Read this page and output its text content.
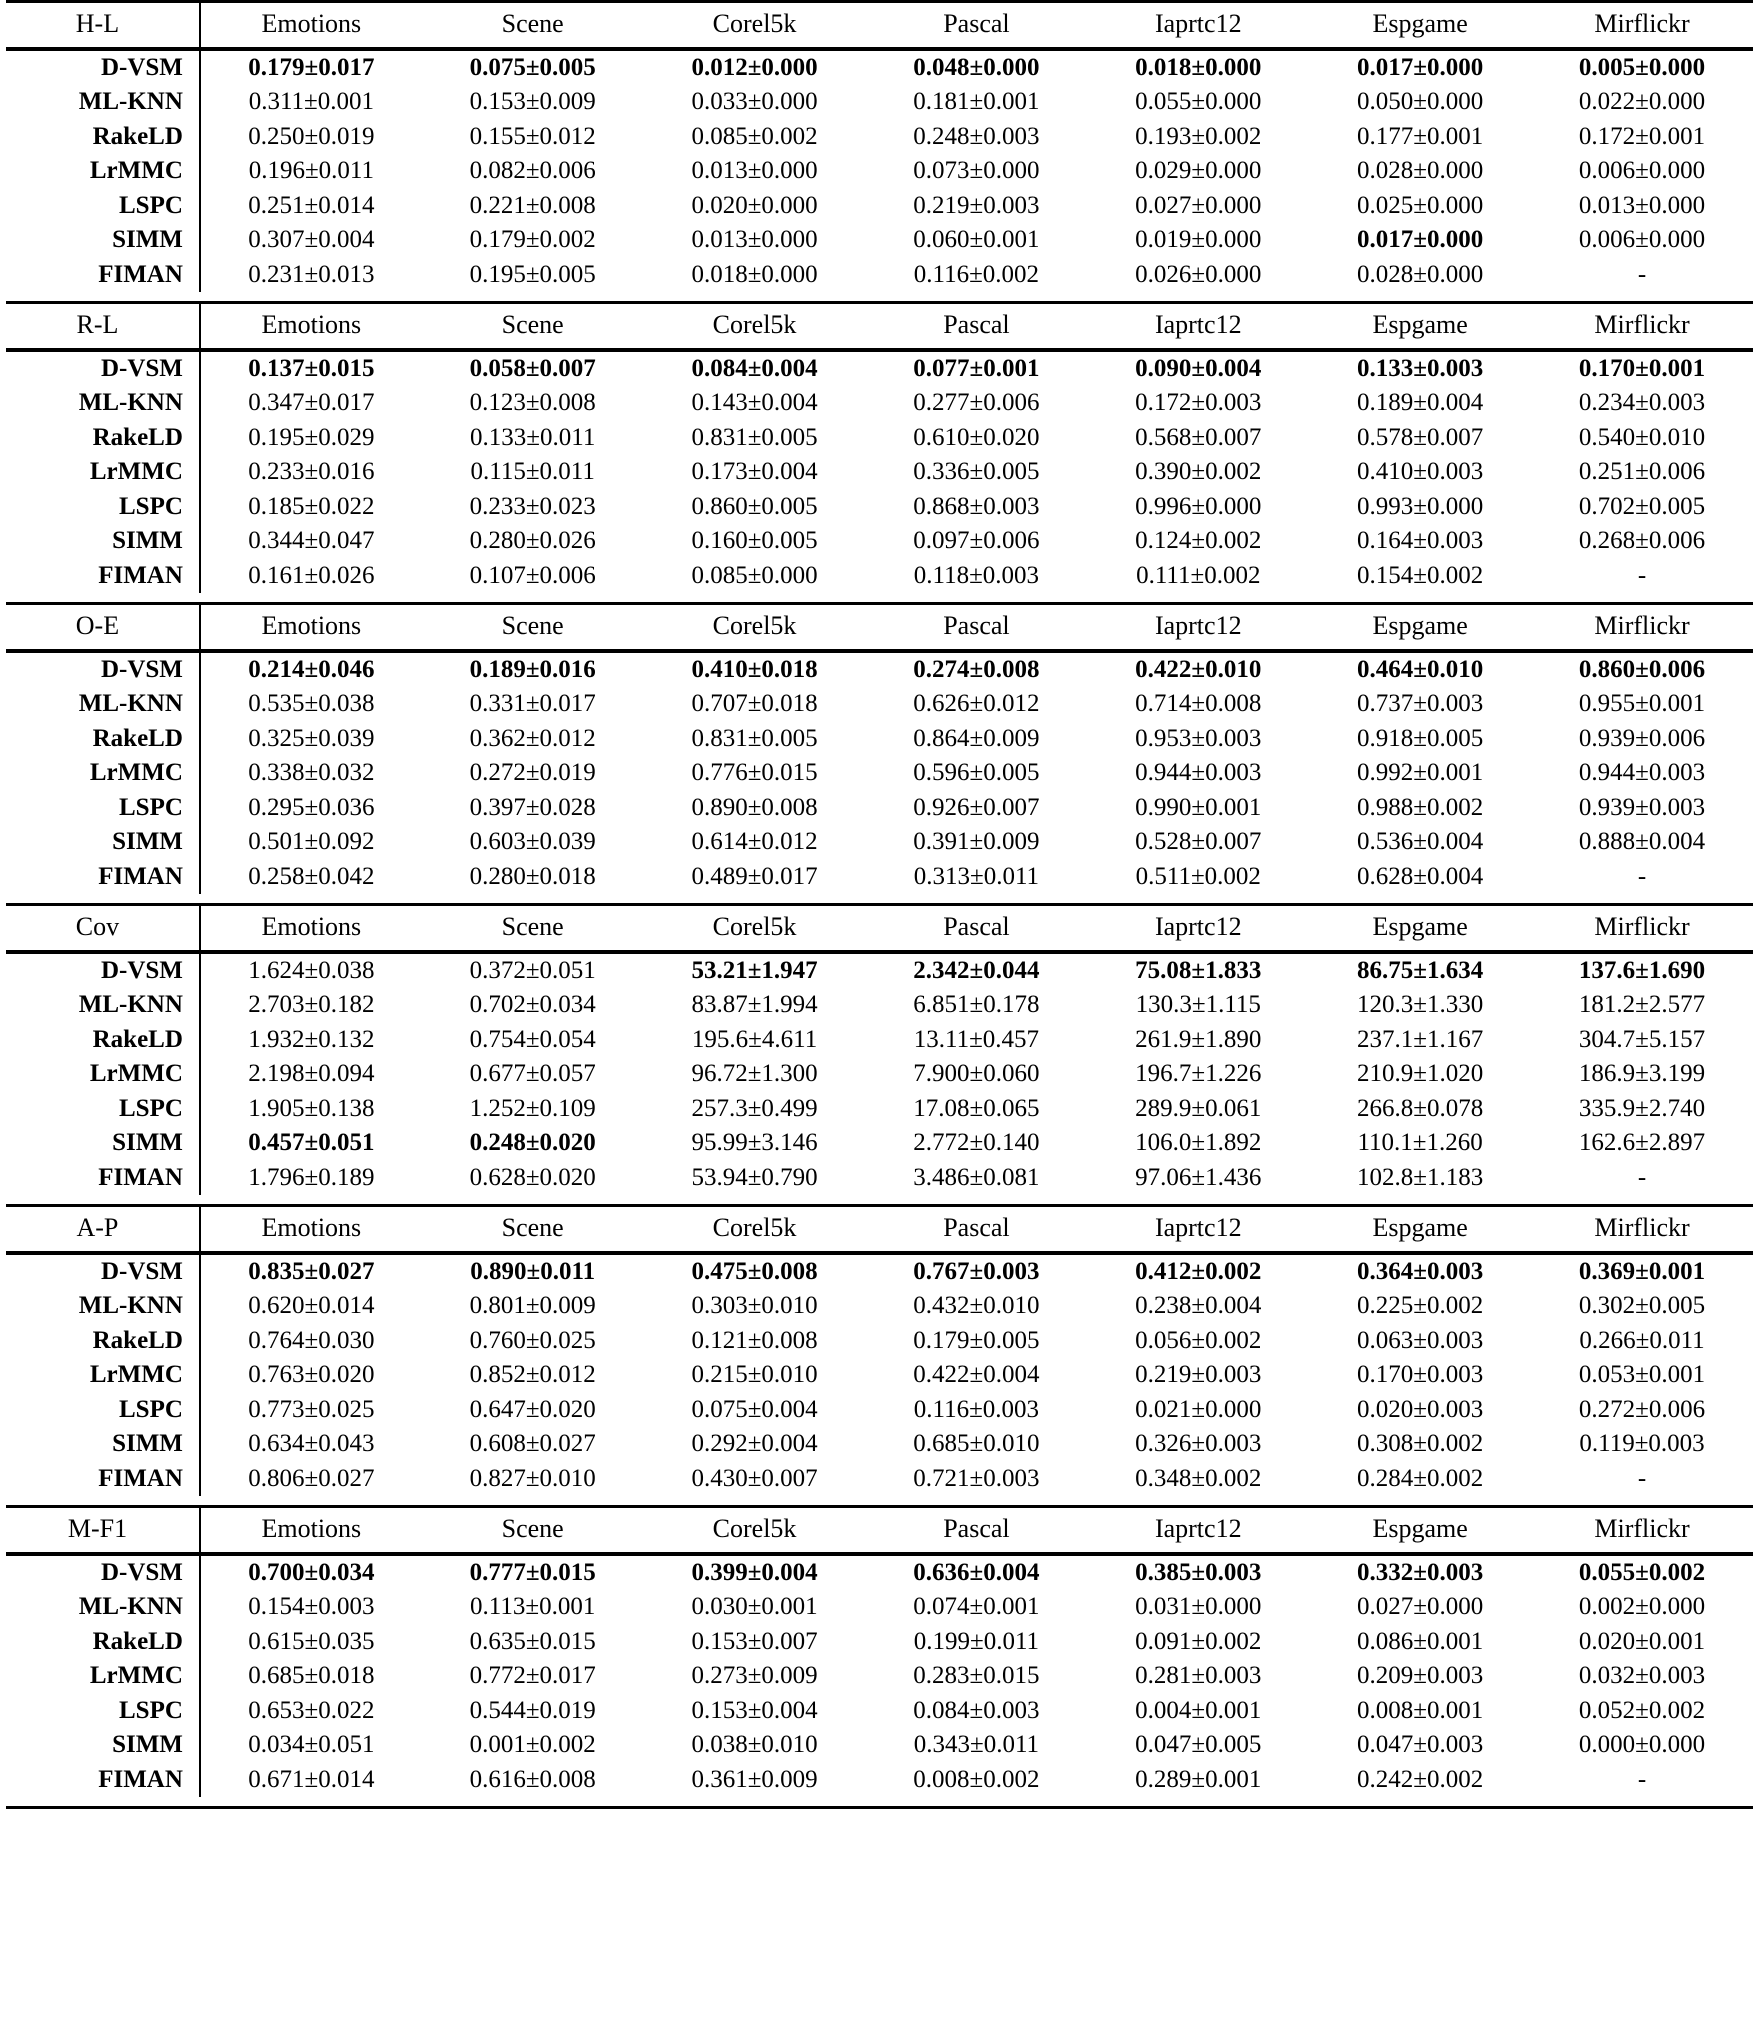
H-L	Emotions	Scene	Corel5k	Pascal	Iaprtc12	Espgame	Mirflickr

D-VSM	0.179±0.017	0.075±0.005	0.012±0.000	0.048±0.000	0.018±0.000	0.017±0.000	0.005±0.000
ML-KNN	0.311±0.001	0.153±0.009	0.033±0.000	0.181±0.001	0.055±0.000	0.050±0.000	0.022±0.000
RakeLD	0.250±0.019	0.155±0.012	0.085±0.002	0.248±0.003	0.193±0.002	0.177±0.001	0.172±0.001
LrMMC	0.196±0.011	0.082±0.006	0.013±0.000	0.073±0.000	0.029±0.000	0.028±0.000	0.006±0.000
LSPC	0.251±0.014	0.221±0.008	0.020±0.000	0.219±0.003	0.027±0.000	0.025±0.000	0.013±0.000
SIMM	0.307±0.004	0.179±0.002	0.013±0.000	0.060±0.001	0.019±0.000	0.017±0.000	0.006±0.000
FIMAN	0.231±0.013	0.195±0.005	0.018±0.000	0.116±0.002	0.026±0.000	0.028±0.000	-

R-L	Emotions	Scene	Corel5k	Pascal	Iaprtc12	Espgame	Mirflickr

D-VSM	0.137±0.015	0.058±0.007	0.084±0.004	0.077±0.001	0.090±0.004	0.133±0.003	0.170±0.001
ML-KNN	0.347±0.017	0.123±0.008	0.143±0.004	0.277±0.006	0.172±0.003	0.189±0.004	0.234±0.003
RakeLD	0.195±0.029	0.133±0.011	0.831±0.005	0.610±0.020	0.568±0.007	0.578±0.007	0.540±0.010
LrMMC	0.233±0.016	0.115±0.011	0.173±0.004	0.336±0.005	0.390±0.002	0.410±0.003	0.251±0.006
LSPC	0.185±0.022	0.233±0.023	0.860±0.005	0.868±0.003	0.996±0.000	0.993±0.000	0.702±0.005
SIMM	0.344±0.047	0.280±0.026	0.160±0.005	0.097±0.006	0.124±0.002	0.164±0.003	0.268±0.006
FIMAN	0.161±0.026	0.107±0.006	0.085±0.000	0.118±0.003	0.111±0.002	0.154±0.002	-

O-E	Emotions	Scene	Corel5k	Pascal	Iaprtc12	Espgame	Mirflickr

D-VSM	0.214±0.046	0.189±0.016	0.410±0.018	0.274±0.008	0.422±0.010	0.464±0.010	0.860±0.006
ML-KNN	0.535±0.038	0.331±0.017	0.707±0.018	0.626±0.012	0.714±0.008	0.737±0.003	0.955±0.001
RakeLD	0.325±0.039	0.362±0.012	0.831±0.005	0.864±0.009	0.953±0.003	0.918±0.005	0.939±0.006
LrMMC	0.338±0.032	0.272±0.019	0.776±0.015	0.596±0.005	0.944±0.003	0.992±0.001	0.944±0.003
LSPC	0.295±0.036	0.397±0.028	0.890±0.008	0.926±0.007	0.990±0.001	0.988±0.002	0.939±0.003
SIMM	0.501±0.092	0.603±0.039	0.614±0.012	0.391±0.009	0.528±0.007	0.536±0.004	0.888±0.004
FIMAN	0.258±0.042	0.280±0.018	0.489±0.017	0.313±0.011	0.511±0.002	0.628±0.004	-

Cov	Emotions	Scene	Corel5k	Pascal	Iaprtc12	Espgame	Mirflickr

D-VSM	1.624±0.038	0.372±0.051	53.21±1.947	2.342±0.044	75.08±1.833	86.75±1.634	137.6±1.690
ML-KNN	2.703±0.182	0.702±0.034	83.87±1.994	6.851±0.178	130.3±1.115	120.3±1.330	181.2±2.577
RakeLD	1.932±0.132	0.754±0.054	195.6±4.611	13.11±0.457	261.9±1.890	237.1±1.167	304.7±5.157
LrMMC	2.198±0.094	0.677±0.057	96.72±1.300	7.900±0.060	196.7±1.226	210.9±1.020	186.9±3.199
LSPC	1.905±0.138	1.252±0.109	257.3±0.499	17.08±0.065	289.9±0.061	266.8±0.078	335.9±2.740
SIMM	0.457±0.051	0.248±0.020	95.99±3.146	2.772±0.140	106.0±1.892	110.1±1.260	162.6±2.897
FIMAN	1.796±0.189	0.628±0.020	53.94±0.790	3.486±0.081	97.06±1.436	102.8±1.183	-

A-P	Emotions	Scene	Corel5k	Pascal	Iaprtc12	Espgame	Mirflickr

D-VSM	0.835±0.027	0.890±0.011	0.475±0.008	0.767±0.003	0.412±0.002	0.364±0.003	0.369±0.001
ML-KNN	0.620±0.014	0.801±0.009	0.303±0.010	0.432±0.010	0.238±0.004	0.225±0.002	0.302±0.005
RakeLD	0.764±0.030	0.760±0.025	0.121±0.008	0.179±0.005	0.056±0.002	0.063±0.003	0.266±0.011
LrMMC	0.763±0.020	0.852±0.012	0.215±0.010	0.422±0.004	0.219±0.003	0.170±0.003	0.053±0.001
LSPC	0.773±0.025	0.647±0.020	0.075±0.004	0.116±0.003	0.021±0.000	0.020±0.003	0.272±0.006
SIMM	0.634±0.043	0.608±0.027	0.292±0.004	0.685±0.010	0.326±0.003	0.308±0.002	0.119±0.003
FIMAN	0.806±0.027	0.827±0.010	0.430±0.007	0.721±0.003	0.348±0.002	0.284±0.002	-

M-F1	Emotions	Scene	Corel5k	Pascal	Iaprtc12	Espgame	Mirflickr

D-VSM	0.700±0.034	0.777±0.015	0.399±0.004	0.636±0.004	0.385±0.003	0.332±0.003	0.055±0.002
ML-KNN	0.154±0.003	0.113±0.001	0.030±0.001	0.074±0.001	0.031±0.000	0.027±0.000	0.002±0.000
RakeLD	0.615±0.035	0.635±0.015	0.153±0.007	0.199±0.011	0.091±0.002	0.086±0.001	0.020±0.001
LrMMC	0.685±0.018	0.772±0.017	0.273±0.009	0.283±0.015	0.281±0.003	0.209±0.003	0.032±0.003
LSPC	0.653±0.022	0.544±0.019	0.153±0.004	0.084±0.003	0.004±0.001	0.008±0.001	0.052±0.002
SIMM	0.034±0.051	0.001±0.002	0.038±0.010	0.343±0.011	0.047±0.005	0.047±0.003	0.000±0.000
FIMAN	0.671±0.014	0.616±0.008	0.361±0.009	0.008±0.002	0.289±0.001	0.242±0.002	-
